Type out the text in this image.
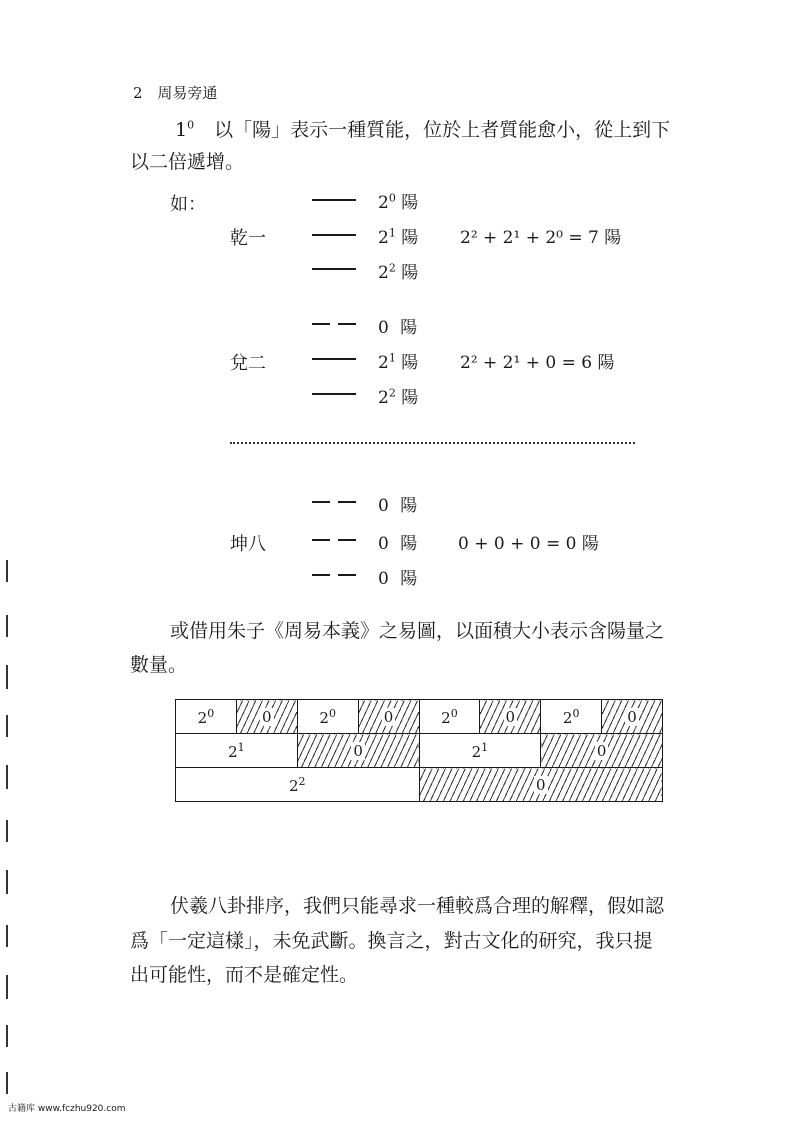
2 周易旁通
$1^0$ 以「陽」表示一種質能，位於上者質能愈小，從上到下
以二倍遞增。
如：	$2^0$ 陽
乾一	$2^1$ 陽 2² + 2¹ + 2⁰ = 7 陽
$2^2$ 陽
0 陽
兌二	$2^1$ 陽 2² + 2¹ + 0 = 6 陽
$2^2$ 陽
0 陽
坤八	0 陽 0 + 0 + 0 = 0 陽
0 陽
或借用朱子《周易本義》之易圖，以面積大小表示含陽量之
數量。
$2^0$	0	$2^0$	0	$2^0$	0	$2^0$	0
$2^1$		0		$2^1$		0	
$2^2$				0			
伏羲八卦排序，我們只能尋求一種較爲合理的解釋，假如認
爲「一定這樣」，未免武斷。換言之，對古文化的研究，我只提
出可能性，而不是確定性。
古籍库 www.fczhu920.com
